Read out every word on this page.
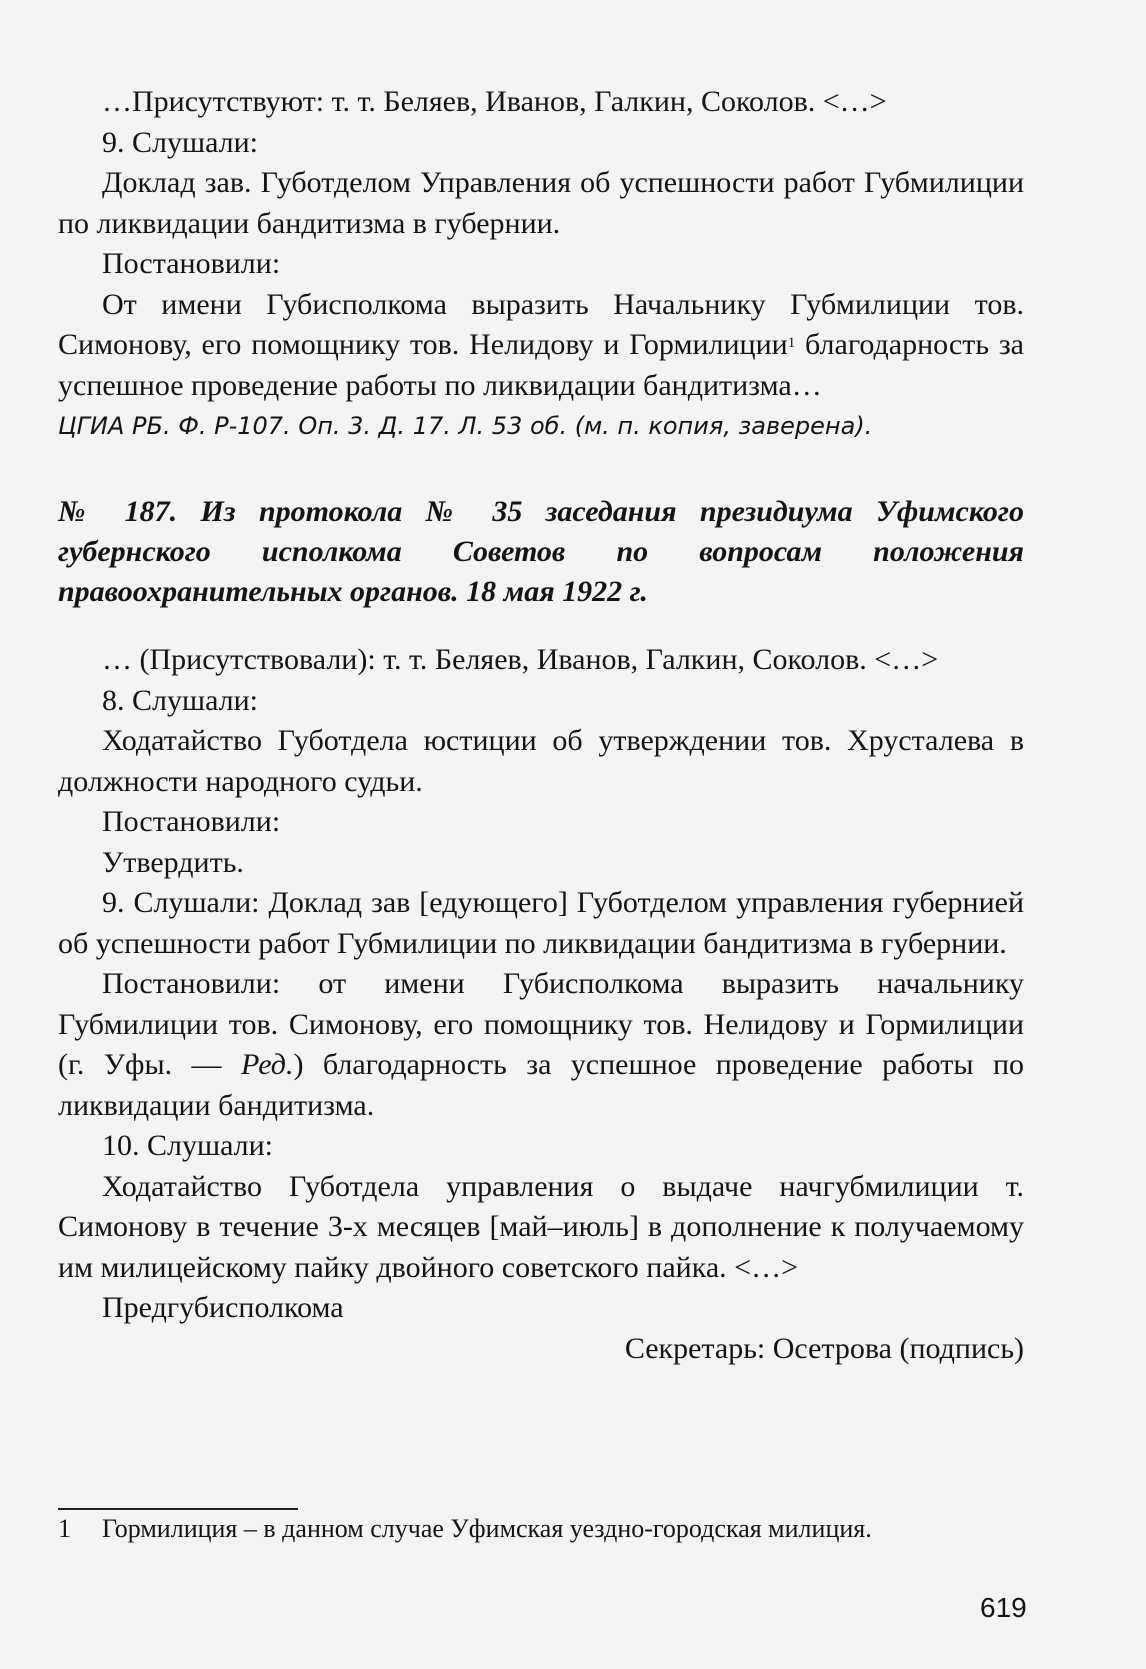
…Присутствуют: т. т. Беляев, Иванов, Галкин, Соколов. <…>

9. Слушали:

Доклад зав. Губотделом Управления об успешности работ Губмилиции по ликвидации бандитизма в губернии.

Постановили:

От имени Губисполкома выразить Начальнику Губмилиции тов. Симонову, его помощнику тов. Нелидову и Гормилиции$^1$ благодарность за успешное проведение работы по ликвидации бандитизма…

ЦГИА РБ. Ф. Р-107. Оп. 3. Д. 17. Л. 53 об. (м. п. копия, заверена).
№ 187. Из протокола № 35 заседания президиума Уфимского губернского исполкома Советов по вопросам положения правоохранительных органов. 18 мая 1922 г.

… (Присутствовали): т. т. Беляев, Иванов, Галкин, Соколов. <…>

8. Слушали:

Ходатайство Губотдела юстиции об утверждении тов. Хрусталева в должности народного судьи.

Постановили:

Утвердить.

9. Слушали: Доклад зав [едующего] Губотделом управления губернией об успешности работ Губмилиции по ликвидации бандитизма в губернии.

Постановили: от имени Губисполкома выразить начальнику Губмилиции тов. Симонову, его помощнику тов. Нелидову и Гормилиции (г. Уфы. — Ред.) благодарность за успешное проведение работы по ликвидации бандитизма.

10. Слушали:

Ходатайство Губотдела управления о выдаче начгубмилиции т. Симонову в течение 3-х месяцев [май–июль] в дополнение к получаемому им милицейскому пайку двойного советского пайка. <…>

Предгубисполкома

Секретарь: Осетрова (подпись)

1 Гормилиция – в данном случае Уфимская уездно-городская милиция.
619
